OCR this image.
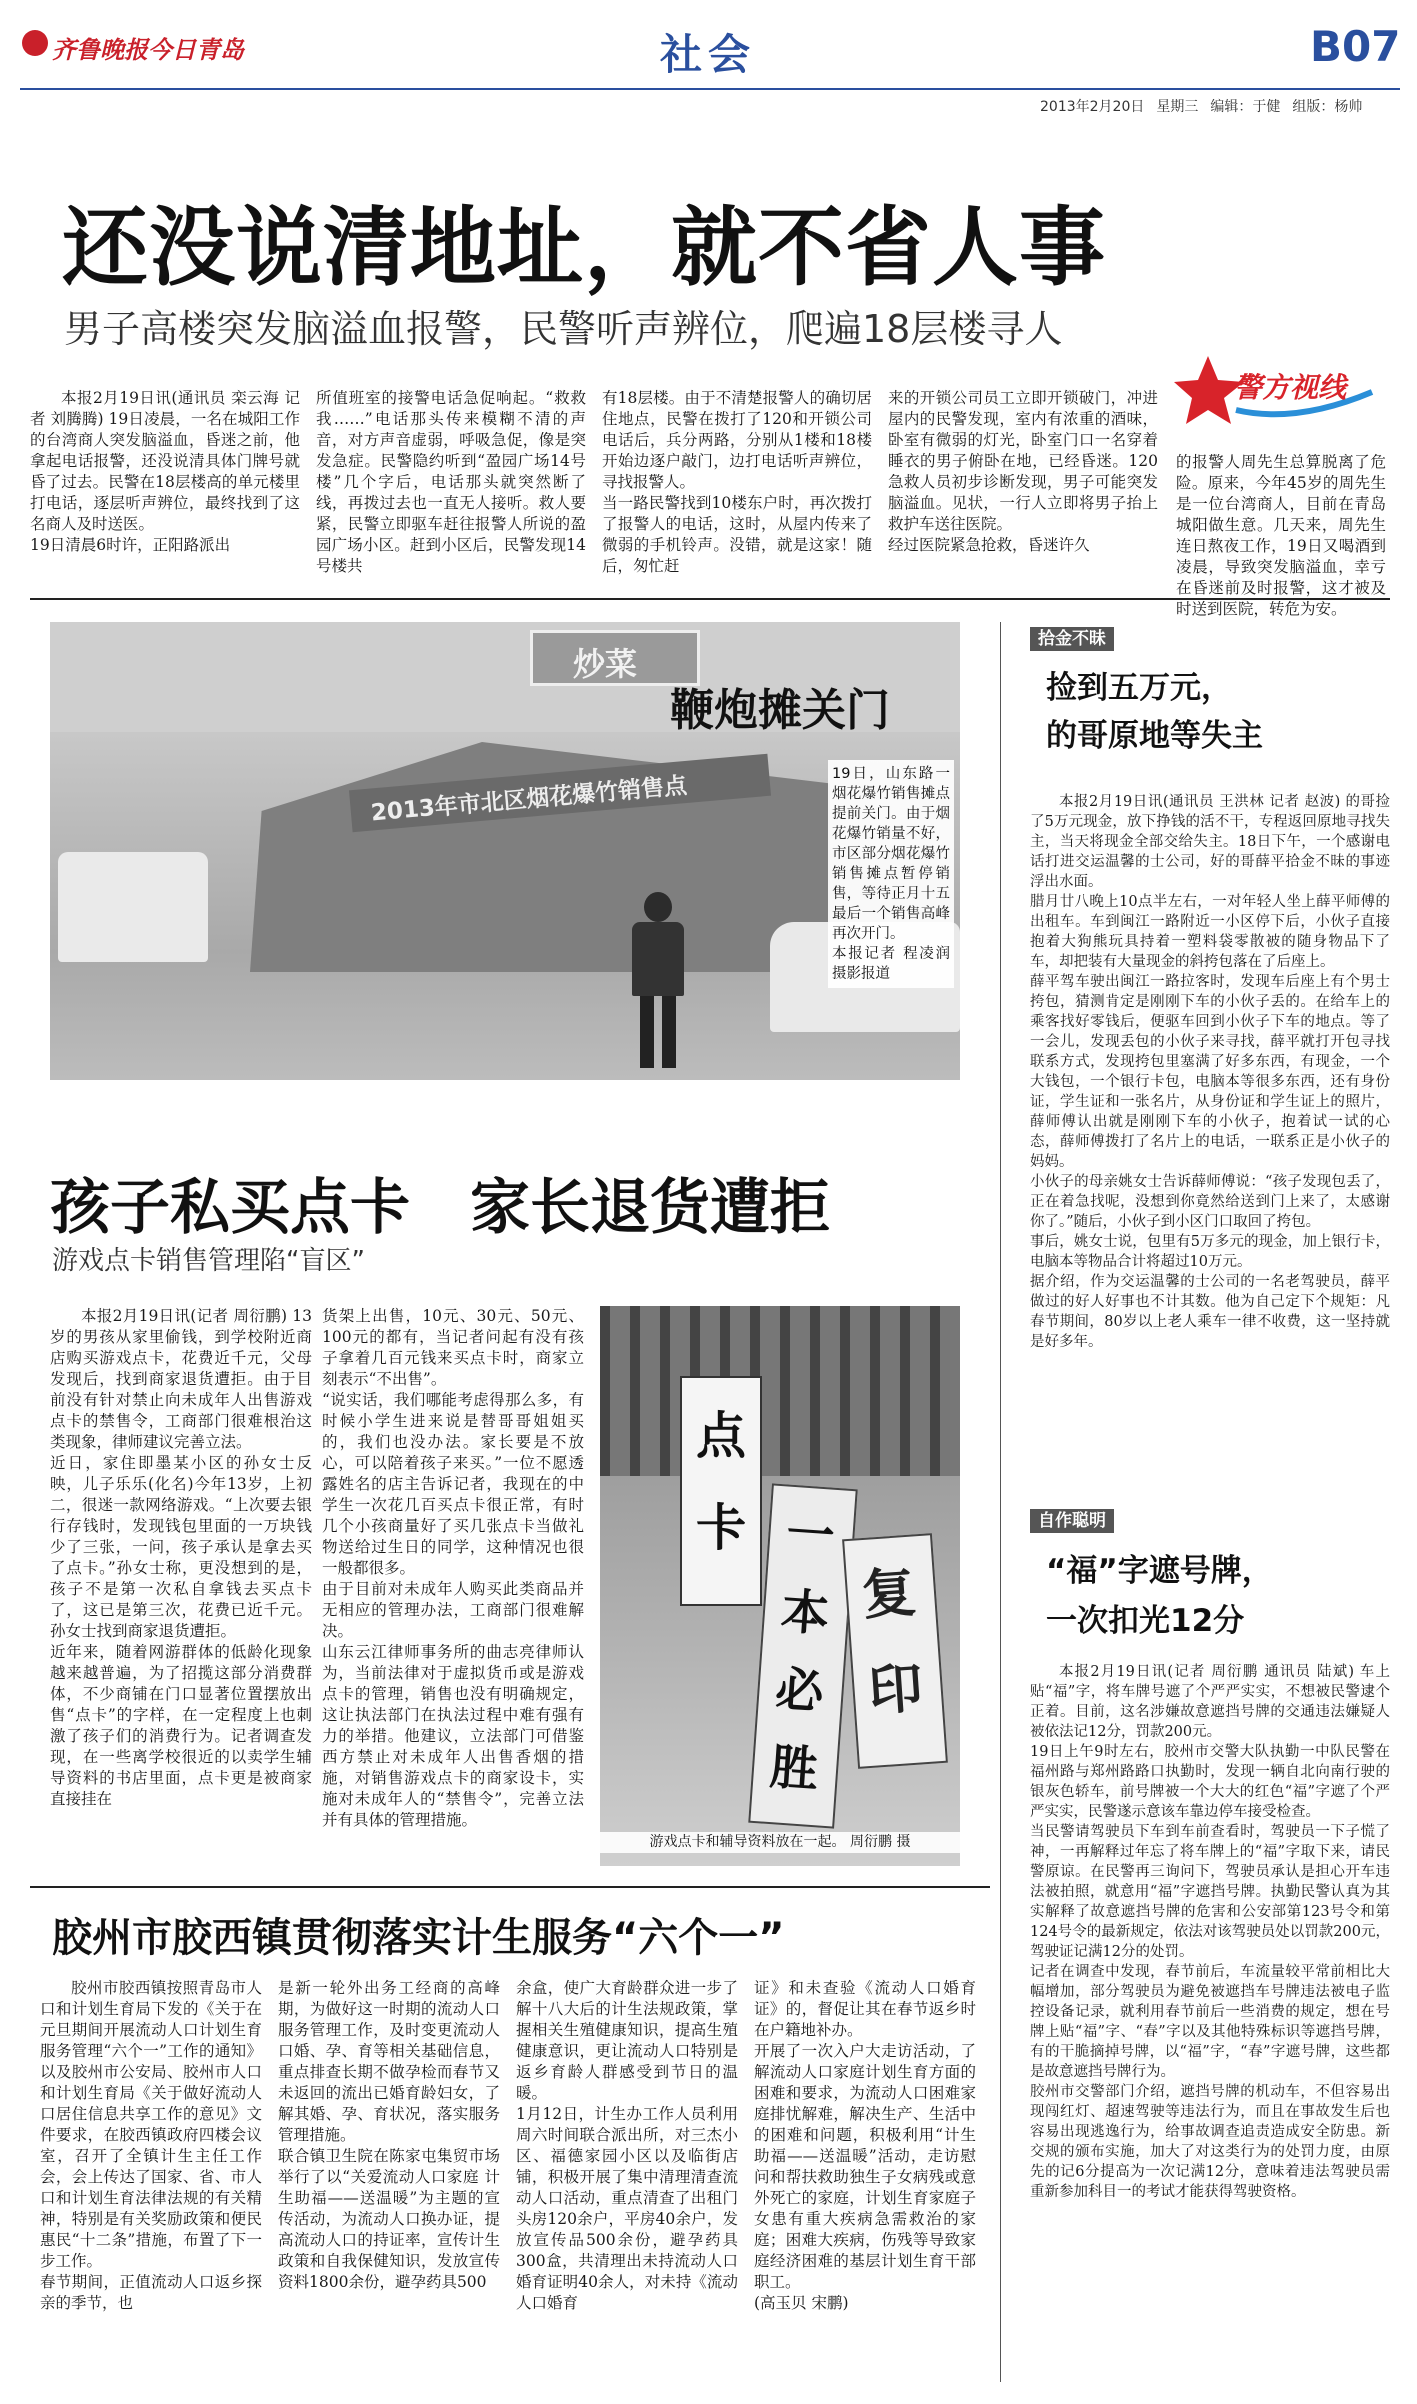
齐鲁晚报今日青岛	社会	B07
2013年2月20日 星期三 编辑：于健 组版：杨帅
还没说清地址，就不省人事
男子高楼突发脑溢血报警，民警听声辨位，爬遍18层楼寻人
本报2月19日讯(通讯员 栾云海 记者 刘腾腾) 19日凌晨，一名在城阳工作的台湾商人突发脑溢血，昏迷之前，他拿起电话报警，还没说清具体门牌号就昏了过去。民警在18层楼高的单元楼里打电话，逐层听声辨位，最终找到了这名商人及时送医。
19日清晨6时许，正阳路派出
所值班室的接警电话急促响起。“救救我……”电话那头传来模糊不清的声音，对方声音虚弱，呼吸急促，像是突发急症。民警隐约听到“盈园广场14号楼”几个字后，电话那头就突然断了线，再拨过去也一直无人接听。救人要紧，民警立即驱车赶往报警人所说的盈园广场小区。赶到小区后，民警发现14号楼共
有18层楼。由于不清楚报警人的确切居住地点，民警在拨打了120和开锁公司电话后，兵分两路，分别从1楼和18楼开始边逐户敲门，边打电话听声辨位，寻找报警人。
当一路民警找到10楼东户时，再次拨打了报警人的电话，这时，从屋内传来了微弱的手机铃声。没错，就是这家！随后，匆忙赶
来的开锁公司员工立即开锁破门，冲进屋内的民警发现，室内有浓重的酒味，卧室有微弱的灯光，卧室门口一名穿着睡衣的男子俯卧在地，已经昏迷。120急救人员初步诊断发现，男子可能突发脑溢血。见状，一行人立即将男子抬上救护车送往医院。
经过医院紧急抢救，昏迷许久
警方视线
的报警人周先生总算脱离了危险。原来，今年45岁的周先生是一位台湾商人，目前在青岛城阳做生意。几天来，周先生连日熬夜工作，19日又喝酒到凌晨，导致突发脑溢血，幸亏在昏迷前及时报警，这才被及时送到医院，转危为安。
炒菜
2013年市北区烟花爆竹销售点
鞭炮摊关门
19日，山东路一烟花爆竹销售摊点提前关门。由于烟花爆竹销量不好，市区部分烟花爆竹销售摊点暂停销售，等待正月十五最后一个销售高峰再次开门。
本报记者 程凌润 摄影报道
孩子私买点卡　家长退货遭拒
游戏点卡销售管理陷“盲区”
本报2月19日讯(记者 周衍鹏) 13岁的男孩从家里偷钱，到学校附近商店购买游戏点卡，花费近千元，父母发现后，找到商家退货遭拒。由于目前没有针对禁止向未成年人出售游戏点卡的禁售令，工商部门很难根治这类现象，律师建议完善立法。
近日，家住即墨某小区的孙女士反映，儿子乐乐(化名)今年13岁，上初二，很迷一款网络游戏。“上次要去银行存钱时，发现钱包里面的一万块钱少了三张，一问，孩子承认是拿去买了点卡。”孙女士称，更没想到的是，孩子不是第一次私自拿钱去买点卡了，这已是第三次，花费已近千元。孙女士找到商家退货遭拒。
近年来，随着网游群体的低龄化现象越来越普遍，为了招揽这部分消费群体，不少商铺在门口显著位置摆放出售“点卡”的字样，在一定程度上也刺激了孩子们的消费行为。记者调查发现，在一些离学校很近的以卖学生辅导资料的书店里面，点卡更是被商家直接挂在
货架上出售，10元、30元、50元、100元的都有，当记者问起有没有孩子拿着几百元钱来买点卡时，商家立刻表示“不出售”。
“说实话，我们哪能考虑得那么多，有时候小学生进来说是替哥哥姐姐买的，我们也没办法。家长要是不放心，可以陪着孩子来买。”一位不愿透露姓名的店主告诉记者，我现在的中学生一次花几百买点卡很正常，有时几个小孩商量好了买几张点卡当做礼物送给过生日的同学，这种情况也很一般都很多。
由于目前对未成年人购买此类商品并无相应的管理办法，工商部门很难解决。
山东云江律师事务所的曲志亮律师认为，当前法律对于虚拟货币或是游戏点卡的管理，销售也没有明确规定，这让执法部门在执法过程中难有强有力的举措。他建议，立法部门可借鉴西方禁止对未成年人出售香烟的措施，对销售游戏点卡的商家设卡，实施对未成年人的“禁售令”，完善立法并有具体的管理措施。
点卡 一本必胜
复印
游戏点卡和辅导资料放在一起。 周衍鹏 摄
胶州市胶西镇贯彻落实计生服务“六个一”
胶州市胶西镇按照青岛市人口和计划生育局下发的《关于在元旦期间开展流动人口计划生育服务管理“六个一”工作的通知》以及胶州市公安局、胶州市人口和计划生育局《关于做好流动人口居住信息共享工作的意见》文件要求，在胶西镇政府四楼会议室，召开了全镇计生主任工作会，会上传达了国家、省、市人口和计划生育法律法规的有关精神，特别是有关奖励政策和便民惠民“十二条”措施，布置了下一步工作。
春节期间，正值流动人口返乡探亲的季节，也
是新一轮外出务工经商的高峰期，为做好这一时期的流动人口服务管理工作，及时变更流动人口婚、孕、育等相关基础信息，重点排查长期不做孕检而春节又未返回的流出已婚育龄妇女，了解其婚、孕、育状况，落实服务管理措施。
联合镇卫生院在陈家屯集贸市场举行了以“关爱流动人口家庭 计生助福——送温暖”为主题的宣传活动，为流动人口换办证，提高流动人口的持证率，宣传计生政策和自我保健知识，发放宣传资料1800余份，避孕药具500
余盒，使广大育龄群众进一步了解十八大后的计生法规政策，掌握相关生殖健康知识，提高生殖健康意识，更让流动人口特别是返乡育龄人群感受到节日的温暖。
1月12日，计生办工作人员利用周六时间联合派出所，对三杰小区、福德家园小区以及临街店铺，积极开展了集中清理清查流动人口活动，重点清查了出租门头房120余户，平房40余户，发放宣传品500余份，避孕药具300盒，共清理出未持流动人口婚育证明40余人，对未持《流动人口婚育
证》和未查验《流动人口婚育证》的，督促让其在春节返乡时在户籍地补办。
开展了一次入户大走访活动，了解流动人口家庭计划生育方面的困难和要求，为流动人口困难家庭排忧解难，解决生产、生活中的困难和问题，积极利用“计生助福——送温暖”活动，走访慰问和帮扶救助独生子女病残或意外死亡的家庭，计划生育家庭子女患有重大疾病急需救治的家庭；困难大疾病，伤残等导致家庭经济困难的基层计划生育干部职工。
(高玉贝 宋鹏)
拾金不昧
捡到五万元，
的哥原地等失主
本报2月19日讯(通讯员 王洪林 记者 赵波) 的哥捡了5万元现金，放下挣钱的活不干，专程返回原地寻找失主，当天将现金全部交给失主。18日下午，一个感谢电话打进交运温馨的士公司，好的哥薛平拾金不昧的事迹浮出水面。
腊月廿八晚上10点半左右，一对年轻人坐上薛平师傅的出租车。车到闽江一路附近一小区停下后，小伙子直接抱着大狗熊玩具持着一塑料袋零散被的随身物品下了车，却把装有大量现金的斜挎包落在了后座上。
薛平驾车驶出闽江一路拉客时，发现车后座上有个男士挎包，猜测肯定是刚刚下车的小伙子丢的。在给车上的乘客找好零钱后，便驱车回到小伙子下车的地点。等了一会儿，发现丢包的小伙子来寻找，薛平就打开包寻找联系方式，发现挎包里塞满了好多东西，有现金，一个大钱包，一个银行卡包，电脑本等很多东西，还有身份证，学生证和一张名片，从身份证和学生证上的照片，薛师傅认出就是刚刚下车的小伙子，抱着试一试的心态，薛师傅拨打了名片上的电话，一联系正是小伙子的妈妈。
小伙子的母亲姚女士告诉薛师傅说：“孩子发现包丢了，正在着急找呢，没想到你竟然给送到门上来了，太感谢你了。”随后，小伙子到小区门口取回了挎包。
事后，姚女士说，包里有5万多元的现金，加上银行卡，电脑本等物品合计将超过10万元。
据介绍，作为交运温馨的士公司的一名老驾驶员，薛平做过的好人好事也不计其数。他为自己定下个规矩：凡春节期间，80岁以上老人乘车一律不收费，这一坚持就是好多年。
自作聪明
“福”字遮号牌，
一次扣光12分
本报2月19日讯(记者 周衍鹏 通讯员 陆斌) 车上贴“福”字，将车牌号遮了个严严实实，不想被民警逮个正着。目前，这名涉嫌故意遮挡号牌的交通违法嫌疑人被依法记12分，罚款200元。
19日上午9时左右，胶州市交警大队执勤一中队民警在福州路与郑州路路口执勤时，发现一辆自北向南行驶的银灰色轿车，前号牌被一个大大的红色“福”字遮了个严严实实，民警遂示意该车靠边停车接受检查。
当民警请驾驶员下车到车前查看时，驾驶员一下子慌了神，一再解释过年忘了将车牌上的“福”字取下来，请民警原谅。在民警再三询问下，驾驶员承认是担心开车违法被拍照，就意用“福”字遮挡号牌。执勤民警认真为其实解释了故意遮挡号牌的危害和公安部第123号令和第124号令的最新规定，依法对该驾驶员处以罚款200元，驾驶证记满12分的处罚。
记者在调查中发现，春节前后，车流量较平常前相比大幅增加，部分驾驶员为避免被遮挡车号牌违法被电子监控设备记录，就利用春节前后一些消费的规定，想在号牌上贴“福”字、“春”字以及其他特殊标识等遮挡号牌，有的干脆摘掉号牌，以“福”字，“春”字遮号牌，这些都是故意遮挡号牌行为。
胶州市交警部门介绍，遮挡号牌的机动车，不但容易出现闯红灯、超速驾驶等违法行为，而且在事故发生后也容易出现逃逸行为，给事故调查追责造成安全防患。新交规的颁布实施，加大了对这类行为的处罚力度，由原先的记6分提高为一次记满12分，意味着违法驾驶员需重新参加科目一的考试才能获得驾驶资格。
